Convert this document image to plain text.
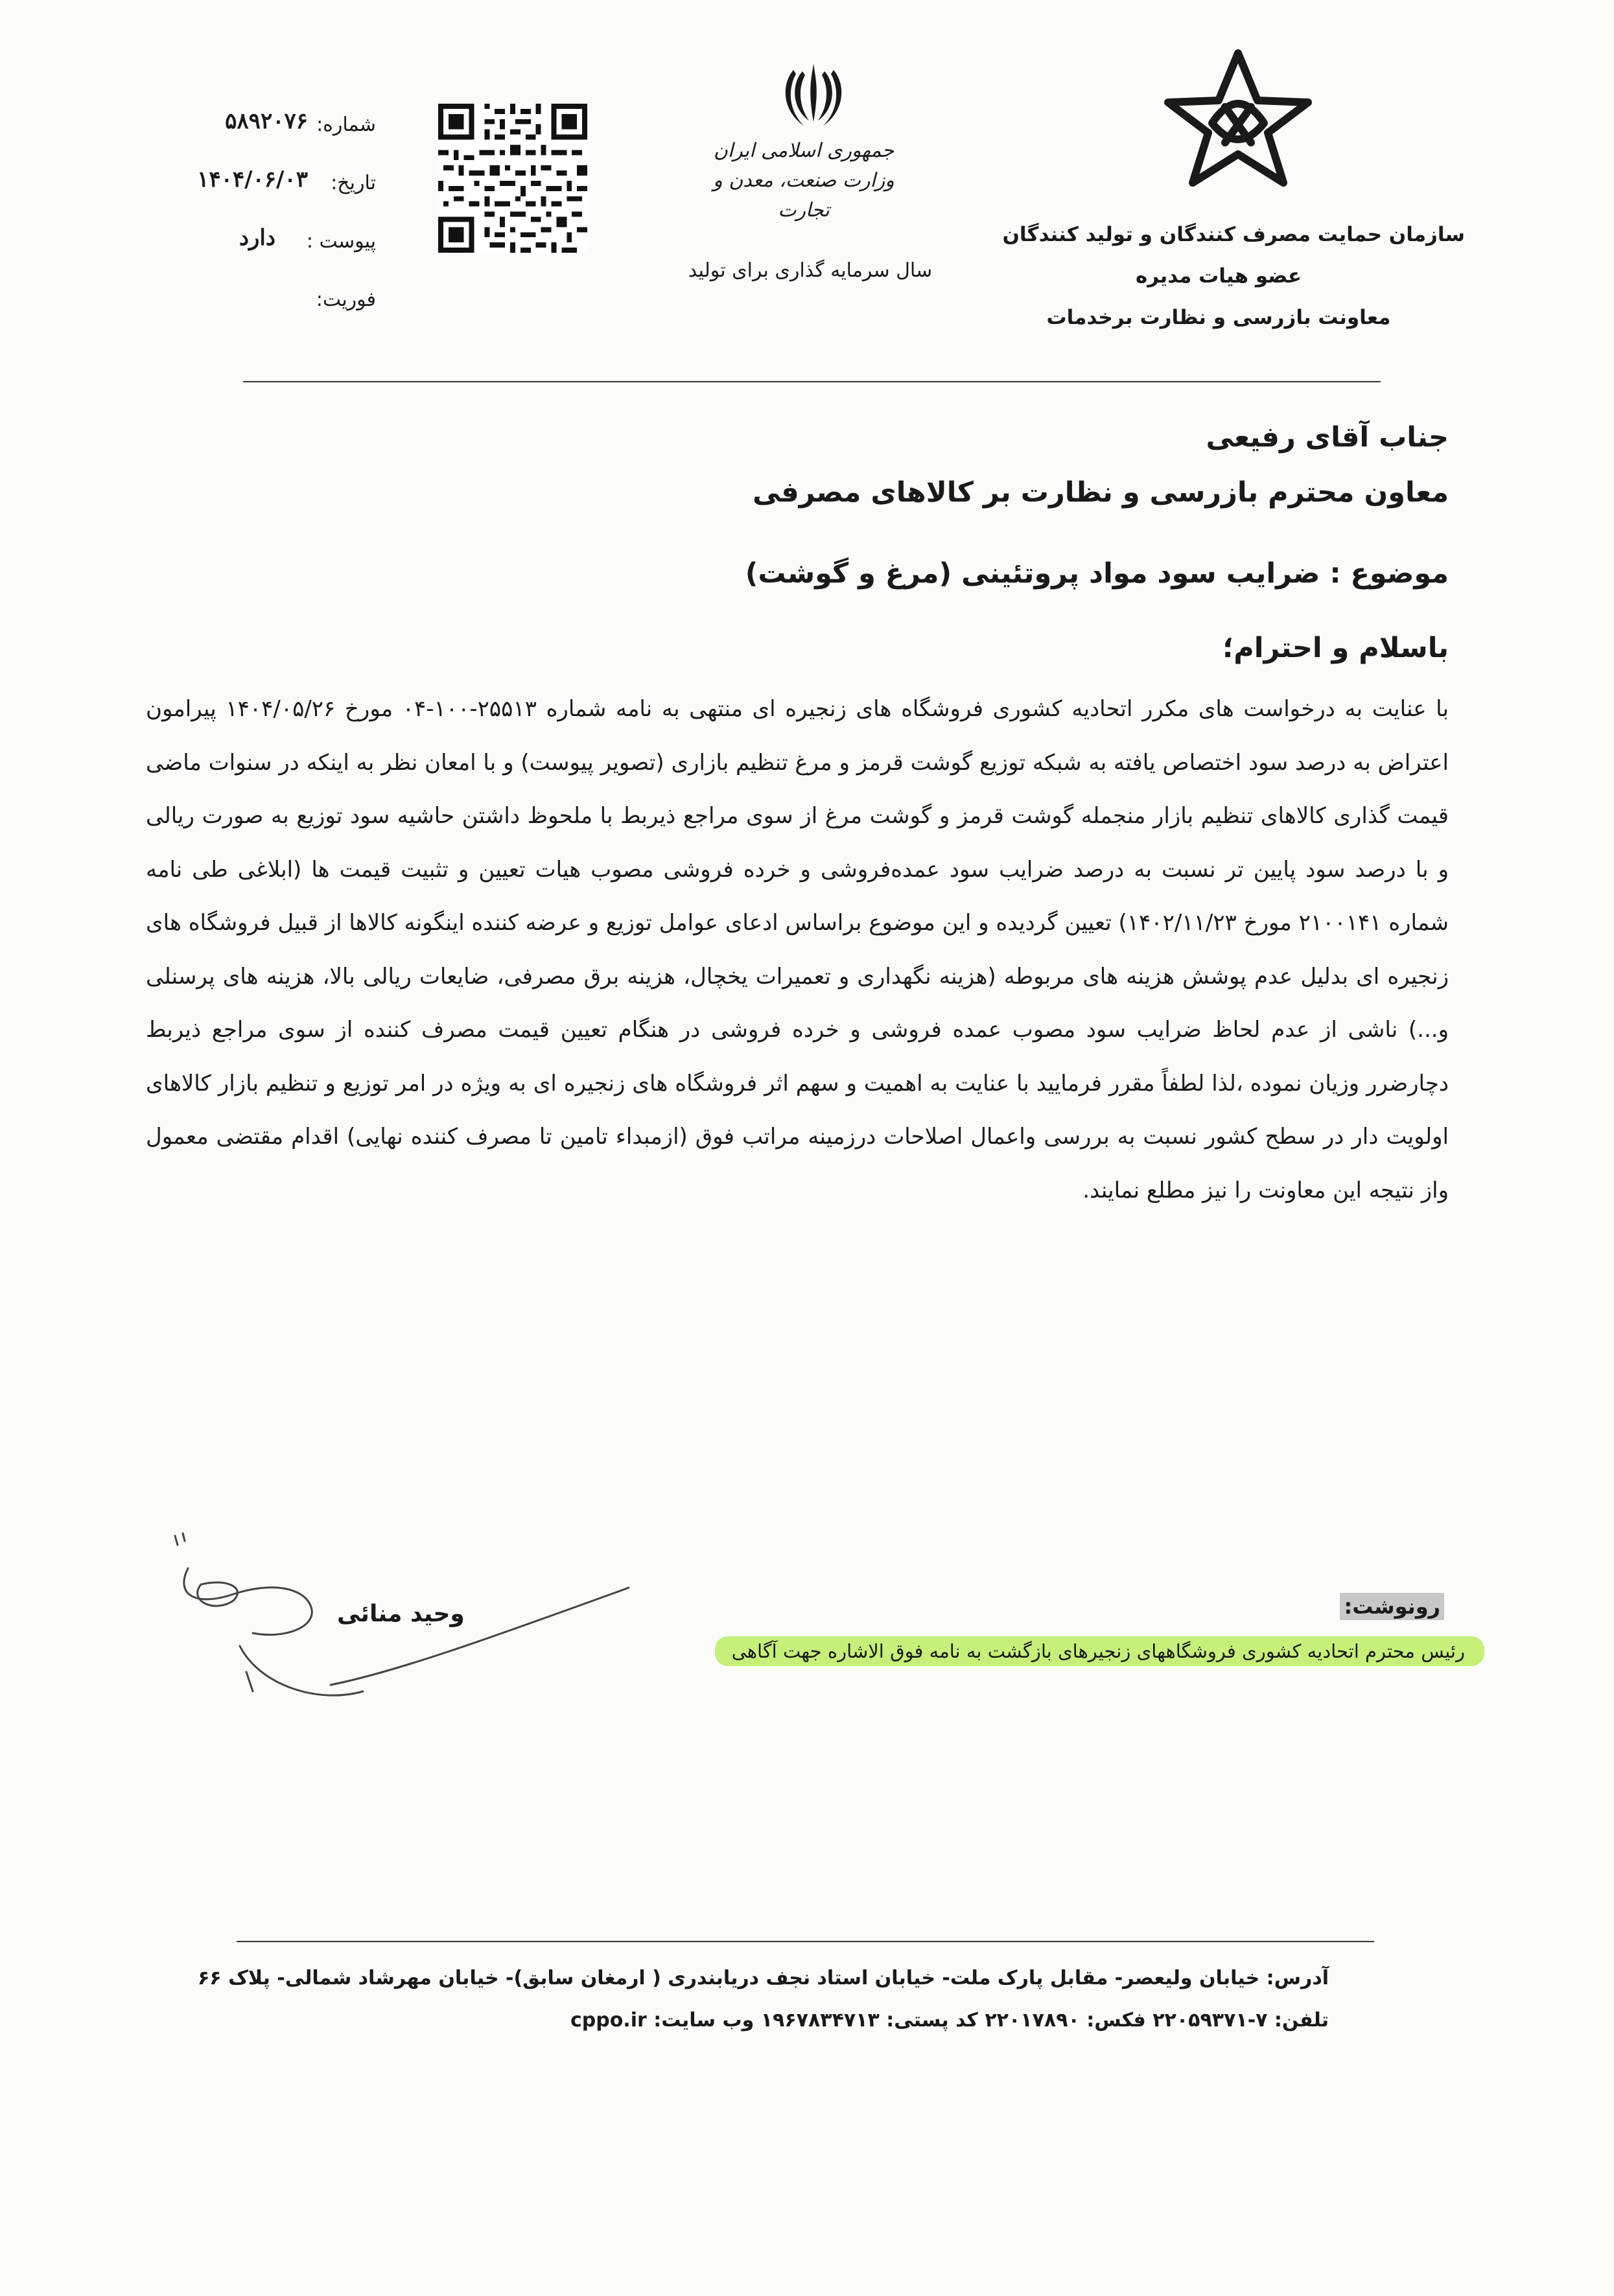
سازمان حمایت مصرف کنندگان و تولید کنندگان
عضو هیات مدیره
معاونت بازرسی و نظارت برخدمات
جمهوری اسلامی ایران
وزارت صنعت، معدن و تجارت
سال سرمایه گذاری برای تولید
شماره:
۵۸۹۲۰۷۶
تاریخ:
۱۴۰۴/۰۶/۰۳
پیوست :
دارد
فوریت:
جناب آقای رفیعی
معاون محترم بازرسی و نظارت بر کالاهای مصرفی
موضوع : ضرایب سود مواد پروتئینی (مرغ و گوشت)
باسلام و احترام؛
با عنایت به درخواست های مکرر اتحادیه کشوری فروشگاه های زنجیره ای منتهی به نامه شماره ۲۵۵۱۳-۱۰۰-۰۴ مورخ ۱۴۰۴/۰۵/۲۶ پیرامون اعتراض به درصد سود اختصاص یافته به شبکه توزیع گوشت قرمز و مرغ تنظیم بازاری (تصویر پیوست) و با امعان نظر به اینکه در سنوات ماضی قیمت گذاری کالاهای تنظیم بازار منجمله گوشت قرمز و گوشت مرغ از سوی مراجع ذیربط با ملحوظ داشتن حاشیه سود توزیع به صورت ریالی و با درصد سود پایین تر نسبت به درصد ضرایب سود عمده‌فروشی و خرده فروشی مصوب هیات تعیین و تثبیت قیمت ها (ابلاغی طی نامه شماره ۲۱۰۰۱۴۱ مورخ ۱۴۰۲/۱۱/۲۳) تعیین گردیده و این موضوع براساس ادعای عوامل توزیع و عرضه کننده اینگونه کالاها از قبیل فروشگاه های زنجیره ای بدلیل عدم پوشش هزینه های مربوطه (هزینه نگهداری و تعمیرات یخچال، هزینه برق مصرفی، ضایعات ریالی بالا، هزینه های پرسنلی و...) ناشی از عدم لحاظ ضرایب سود مصوب عمده فروشی و خرده فروشی در هنگام تعیین قیمت مصرف کننده از سوی مراجع ذیربط دچارضرر وزیان نموده ،لذا لطفاً مقرر فرمایید با عنایت به اهمیت و سهم اثر فروشگاه های زنجیره ای به ویژه در امر توزیع و تنظیم بازار کالاهای اولویت دار در سطح کشور نسبت به بررسی واعمال اصلاحات درزمینه مراتب فوق (ازمبداء تامین تا مصرف کننده نهایی) اقدام مقتضی معمول واز نتیجه این معاونت را نیز مطلع نمایند.
وحید منائی	رونوشت:
رئیس محترم اتحادیه کشوری فروشگاههای زنجیرهای بازگشت به نامه فوق الاشاره جهت آگاهی
آدرس: خیابان ولیعصر- مقابل پارک ملت- خیابان استاد نجف دریابندری ( ارمغان سابق)- خیابان مهرشاد شمالی- پلاک ۶۶
تلفن: ۷-۲۲۰۵۹۳۷۱ فکس: ۲۲۰۱۷۸۹۰ کد پستی: ۱۹۶۷۸۳۴۷۱۳ وب سایت: cppo.ir
